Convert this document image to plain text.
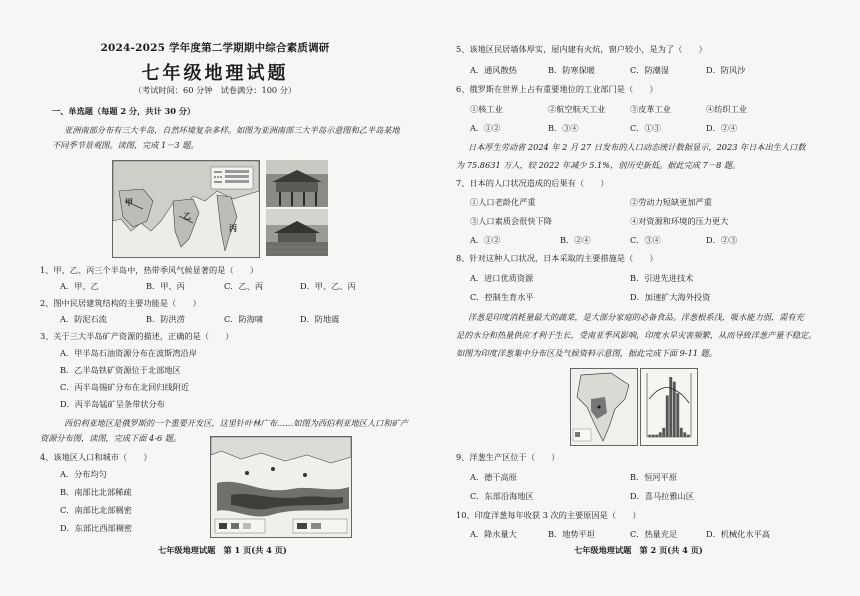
2024-2025 学年度第二学期期中综合素质调研
七年级地理试题
（考试时间：60 分钟　试卷满分：100 分）
一、单选题（每题 2 分，共计 30 分）
亚洲南部分布有三大半岛，自然环境复杂多样。如图为亚洲南部三大半岛示意图和乙半岛某地
不同季节景观图。读图，完成 1－3 题。
甲
乙
丙
1、甲、乙、丙三个半岛中，热带季风气候显著的是（　　）
A．甲、乙	B．甲、丙	C．乙、丙	D．甲、乙、丙
2、图中民居建筑结构的主要功能是（　　）
A．防泥石流	B．防洪涝	C．防海啸	D．防地震
3、关于三大半岛矿产资源的描述，正确的是（　　）
A．甲半岛石油资源分布在波斯湾沿岸
B．乙半岛铁矿资源位于北部地区
C．丙半岛锡矿分布在北回归线附近
D．丙半岛锰矿呈条带状分布
西伯利亚地区是俄罗斯的一个重要开发区，这里针叶林广布……如图为西伯利亚地区人口和矿产
资源分布图，读图，完成下面 4-6 题。
4、该地区人口和城市（　　）
A．分布均匀
B．南部比北部稀疏
C．南部比北部稠密
D．东部比西部稠密
七年级地理试题　第 1 页(共 4 页)
5、该地区民居墙体厚实，屋内建有火炕，窗户较小，是为了（　　）
A．通风散热	B．防寒保暖	C．防潮湿	D．防风沙
6、俄罗斯在世界上占有重要地位的工业部门是（　　）
①核工业	②航空航天工业	③皮革工业	④纺织工业
A．①②	B．③④	C．①③	D．②④
日本厚生劳动省 2024 年 2 月 27 日发布的人口动态统计数据显示，2023 年日本出生人口数
为 75.8631 万人，较 2022 年减少 5.1%，创历史新低。据此完成 7－8 题。
7、日本的人口状况造成的后果有（　　）
①人口老龄化严重	②劳动力短缺更加严重
③人口素质会很快下降	④对资源和环境的压力更大
A．①②	B．②④	C．③④	D．②③
8、针对这种人口状况，日本采取的主要措施是（　　）
A．进口优质资源	B．引进先进技术
C．控制生育水平	D．加速扩大海外投资
洋葱是印度消耗量最大的蔬菜，是大部分家庭的必备食品。洋葱根系浅，吸水能力弱，需有充
足的水分和热量供应才利于生长，受南亚季风影响，印度水旱灾害频繁，从而导致洋葱产量不稳定。
如图为印度洋葱集中分布区及气候资料示意图，据此完成下面 9-11 题。
9、洋葱生产区位于（　　）
A．德干高原	B．恒河平原
C．东部沿海地区	D．喜马拉雅山区
10、印度洋葱每年收获 3 次的主要原因是（　　）
A．降水量大	B．地势平坦	C．热量充足	D．机械化水平高
七年级地理试题　第 2 页(共 4 页)
